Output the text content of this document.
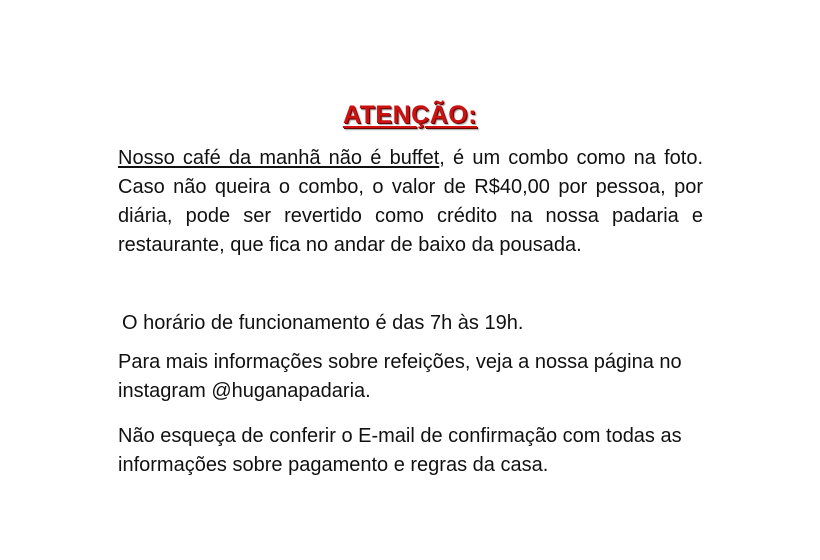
ATENÇÃO:

Nosso café da manhã não é buffet, é um combo como na foto. Caso não queira o combo, o valor de R$40,00 por pessoa, por diária, pode ser revertido como crédito na nossa padaria e restaurante, que fica no andar de baixo da pousada.

O horário de funcionamento é das 7h às 19h.

Para mais informações sobre refeições, veja a nossa página no instagram @huganapadaria.

Não esqueça de conferir o E-mail de confirmação com todas as informações sobre pagamento e regras da casa.
